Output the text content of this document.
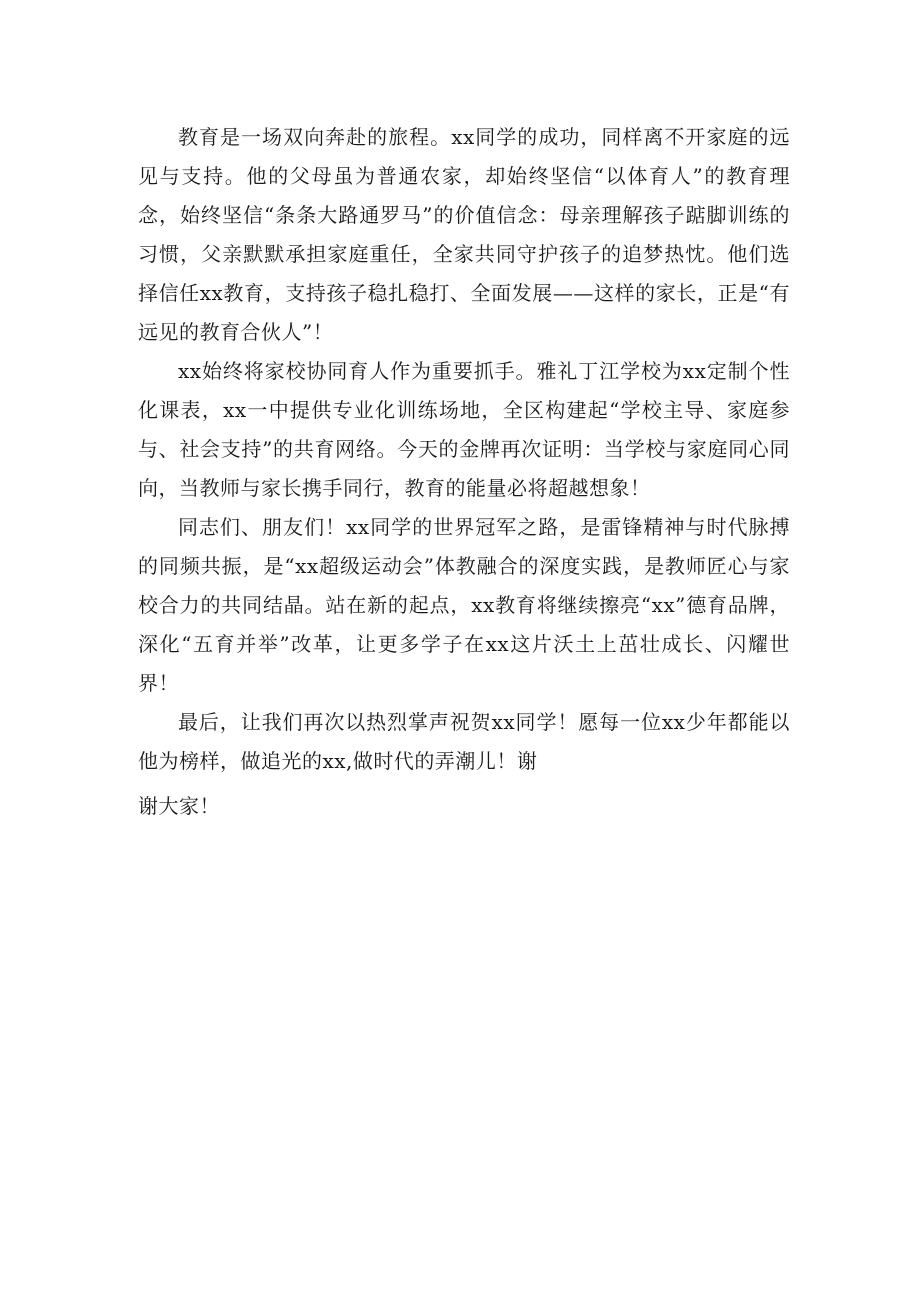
教育是一场双向奔赴的旅程。xx同学的成功，同样离不开家庭的远见与支持。他的父母虽为普通农家，却始终坚信“以体育人”的教育理念，始终坚信“条条大路通罗马”的价值信念：母亲理解孩子踮脚训练的习惯，父亲默默承担家庭重任，全家共同守护孩子的追梦热忱。他们选择信任xx教育，支持孩子稳扎稳打、全面发展——这样的家长，正是“有远见的教育合伙人”！

xx始终将家校协同育人作为重要抓手。雅礼丁江学校为xx定制个性化课表，xx一中提供专业化训练场地，全区构建起“学校主导、家庭参与、社会支持”的共育网络。今天的金牌再次证明：当学校与家庭同心同向，当教师与家长携手同行，教育的能量必将超越想象！

同志们、朋友们！xx同学的世界冠军之路，是雷锋精神与时代脉搏的同频共振，是“xx超级运动会”体教融合的深度实践，是教师匠心与家校合力的共同结晶。站在新的起点，xx教育将继续擦亮“xx”德育品牌，深化“五育并举”改革，让更多学子在xx这片沃土上茁壮成长、闪耀世界！

最后，让我们再次以热烈掌声祝贺xx同学！愿每一位xx少年都能以他为榜样，做追光的xx,做时代的弄潮儿！谢

谢大家！
